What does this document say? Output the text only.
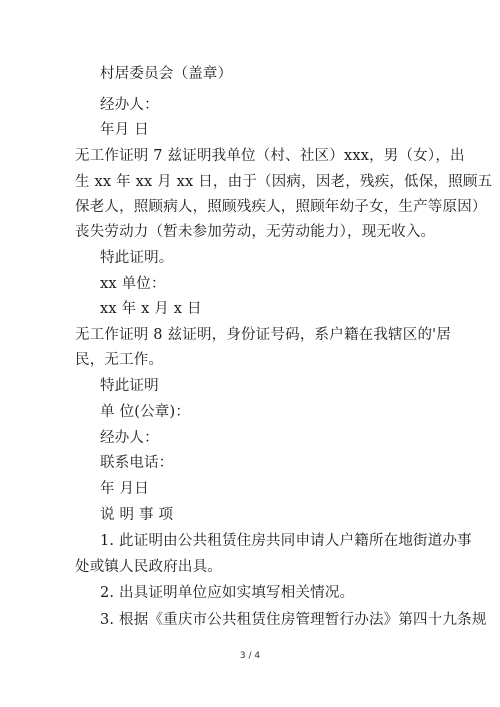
村居委员会（盖章）
经办人：
年月 日
无工作证明 7 兹证明我单位（村、社区）xxx，男（女），出
生 xx 年 xx 月 xx 日，由于（因病，因老，残疾，低保，照顾五
保老人，照顾病人，照顾残疾人，照顾年幼子女，生产等原因）
丧失劳动力（暂未参加劳动，无劳动能力），现无收入。
特此证明。
xx 单位：
xx 年 x 月 x 日
无工作证明 8 兹证明，身份证号码，系户籍在我辖区的'居
民，无工作。
特此证明
单 位(公章)：
经办人：
联系电话：
年 月日
说 明 事 项
1. 此证明由公共租赁住房共同申请人户籍所在地街道办事
处或镇人民政府出具。
2. 出具证明单位应如实填写相关情况。
3. 根据《重庆市公共租赁住房管理暂行办法》第四十九条规
3 / 4
